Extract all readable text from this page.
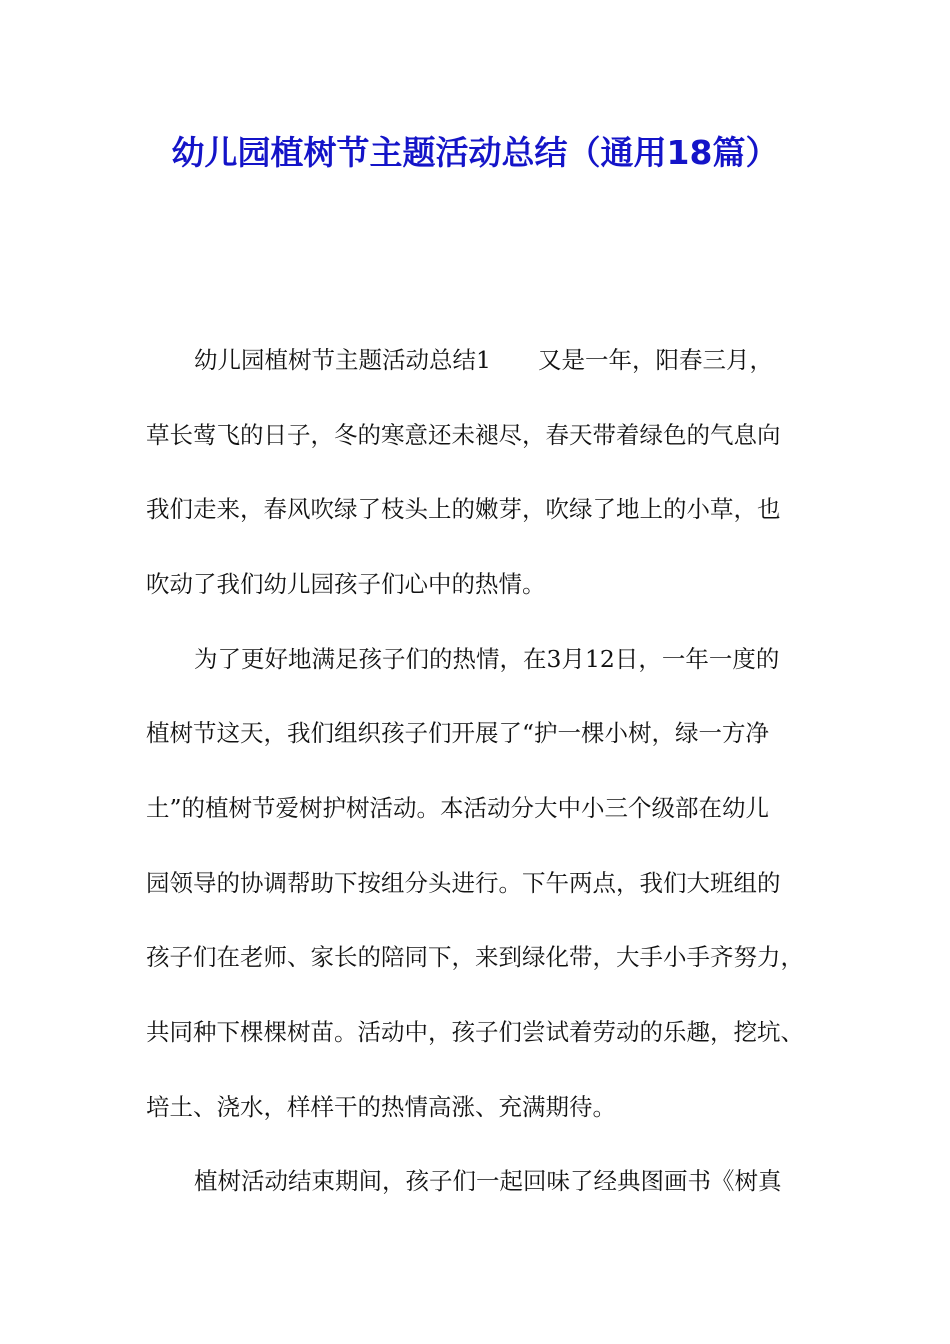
幼儿园植树节主题活动总结（通用18篇）
幼儿园植树节主题活动总结1　　又是一年，阳春三月，
草长莺飞的日子，冬的寒意还未褪尽，春天带着绿色的气息向
我们走来，春风吹绿了枝头上的嫩芽，吹绿了地上的小草，也
吹动了我们幼儿园孩子们心中的热情。
为了更好地满足孩子们的热情，在3月12日，一年一度的
植树节这天，我们组织孩子们开展了“护一棵小树，绿一方净
土”的植树节爱树护树活动。本活动分大中小三个级部在幼儿
园领导的协调帮助下按组分头进行。下午两点，我们大班组的
孩子们在老师、家长的陪同下，来到绿化带，大手小手齐努力，
共同种下棵棵树苗。活动中，孩子们尝试着劳动的乐趣，挖坑、
培土、浇水，样样干的热情高涨、充满期待。
植树活动结束期间，孩子们一起回味了经典图画书《树真
